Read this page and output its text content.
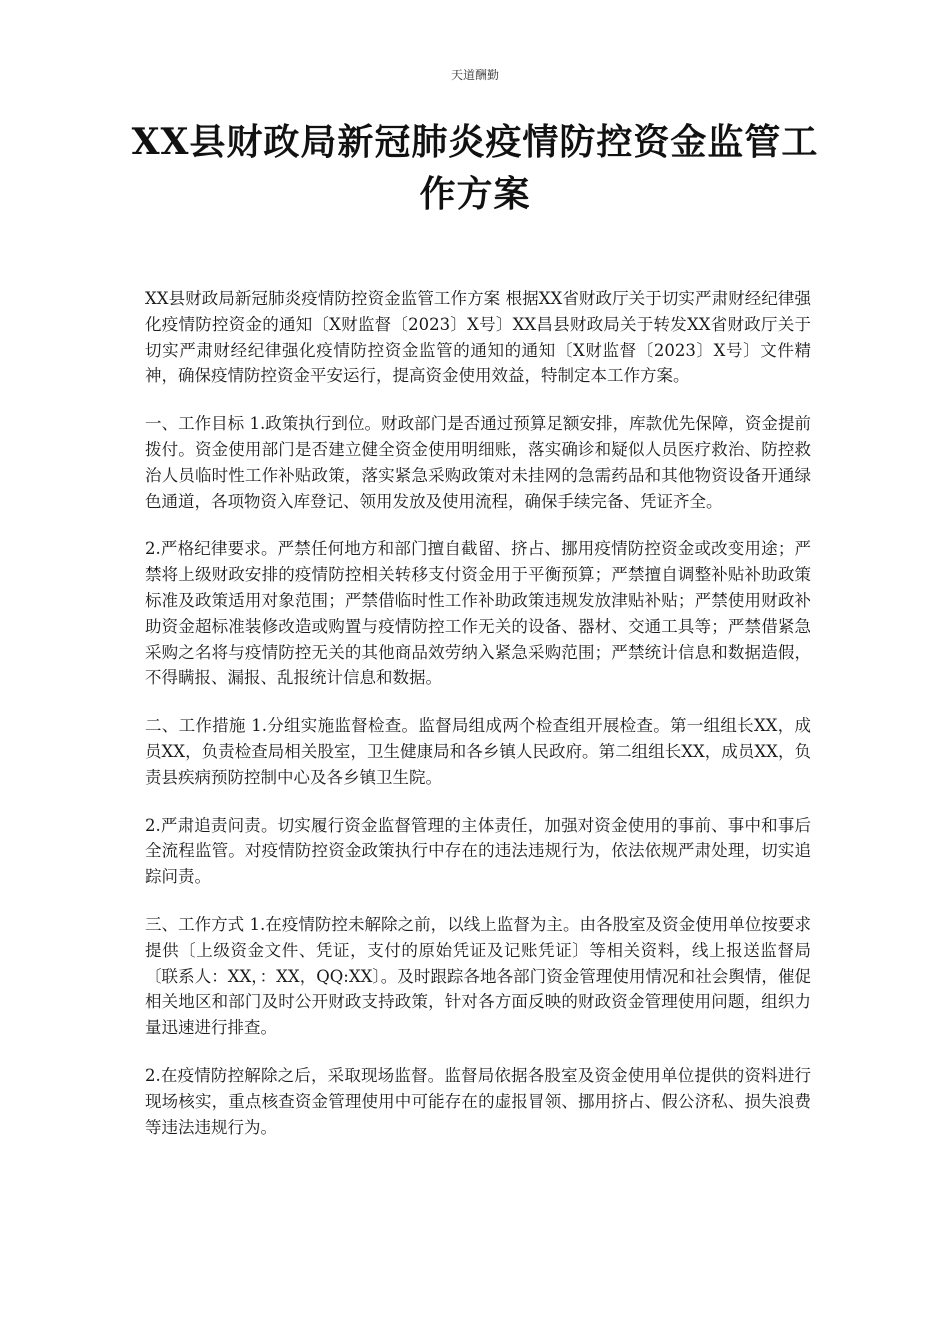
天道酬勤
XX县财政局新冠肺炎疫情防控资金监管工作方案

XX县财政局新冠肺炎疫情防控资金监管工作方案 根据XX省财政厅关于切实严肃财经纪律强化疫情防控资金的通知〔X财监督〔2023〕X号〕XX昌县财政局关于转发XX省财政厅关于切实严肃财经纪律强化疫情防控资金监管的通知的通知〔X财监督〔2023〕X号〕文件精神，确保疫情防控资金平安运行，提高资金使用效益，特制定本工作方案。

一、工作目标 1.政策执行到位。财政部门是否通过预算足额安排，库款优先保障，资金提前拨付。资金使用部门是否建立健全资金使用明细账，落实确诊和疑似人员医疗救治、防控救治人员临时性工作补贴政策，落实紧急采购政策对未挂网的急需药品和其他物资设备开通绿色通道，各项物资入库登记、领用发放及使用流程，确保手续完备、凭证齐全。

2.严格纪律要求。严禁任何地方和部门擅自截留、挤占、挪用疫情防控资金或改变用途；严禁将上级财政安排的疫情防控相关转移支付资金用于平衡预算；严禁擅自调整补贴补助政策标准及政策适用对象范围；严禁借临时性工作补助政策违规发放津贴补贴；严禁使用财政补助资金超标准装修改造或购置与疫情防控工作无关的设备、器材、交通工具等；严禁借紧急采购之名将与疫情防控无关的其他商品效劳纳入紧急采购范围；严禁统计信息和数据造假，不得瞒报、漏报、乱报统计信息和数据。

二、工作措施 1.分组实施监督检查。监督局组成两个检查组开展检查。第一组组长XX，成员XX，负责检查局相关股室，卫生健康局和各乡镇人民政府。第二组组长XX，成员XX，负责县疾病预防控制中心及各乡镇卫生院。

2.严肃追责问责。切实履行资金监督管理的主体责任，加强对资金使用的事前、事中和事后全流程监管。对疫情防控资金政策执行中存在的违法违规行为，依法依规严肃处理，切实追踪问责。

三、工作方式 1.在疫情防控未解除之前，以线上监督为主。由各股室及资金使用单位按要求提供〔上级资金文件、凭证，支付的原始凭证及记账凭证〕等相关资料，线上报送监督局〔联系人：XX，：XX，QQ:XX〕。及时跟踪各地各部门资金管理使用情况和社会舆情，催促相关地区和部门及时公开财政支持政策，针对各方面反映的财政资金管理使用问题，组织力量迅速进行排查。

2.在疫情防控解除之后，采取现场监督。监督局依据各股室及资金使用单位提供的资料进行现场核实，重点核查资金管理使用中可能存在的虚报冒领、挪用挤占、假公济私、损失浪费等违法违规行为。
